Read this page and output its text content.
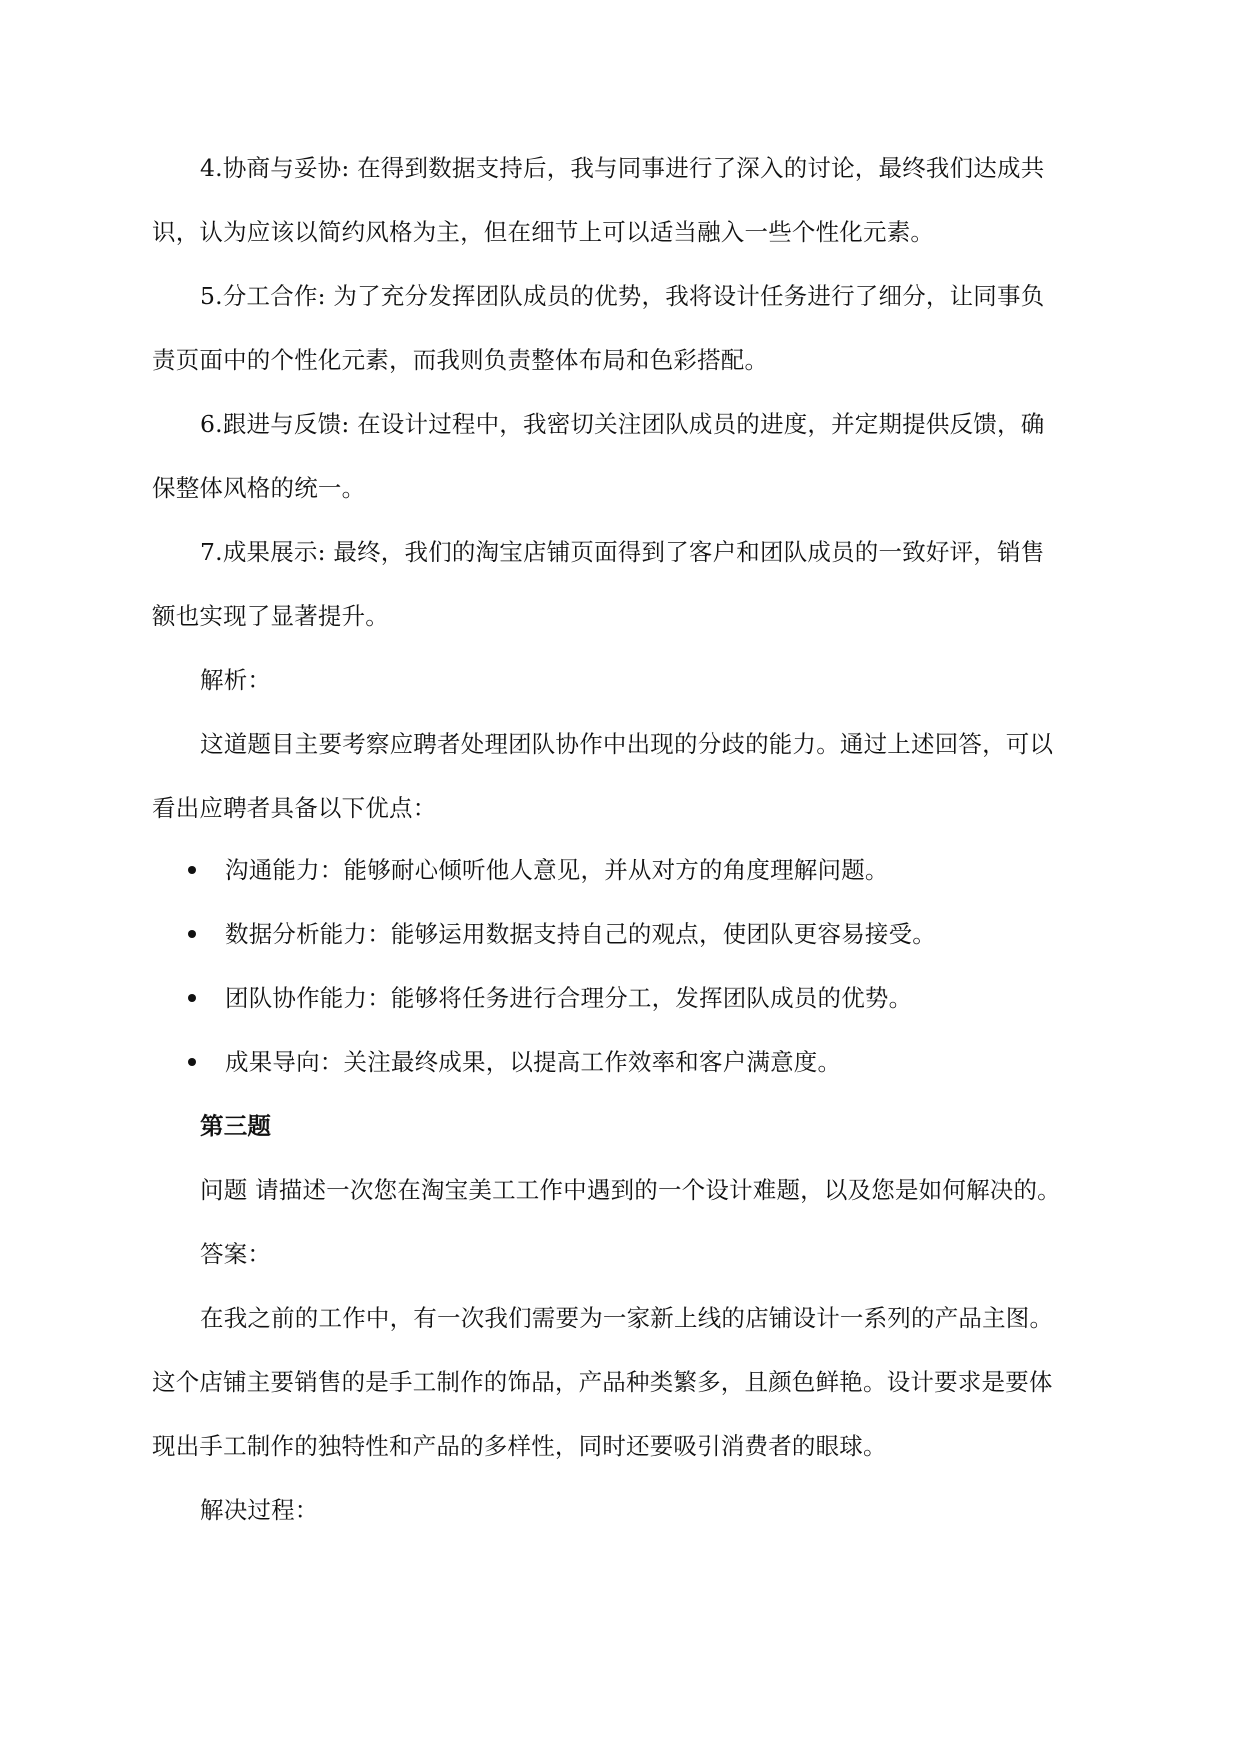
4.协商与妥协: 在得到数据支持后，我与同事进行了深入的讨论，最终我们达成共
识，认为应该以简约风格为主，但在细节上可以适当融入一些个性化元素。
5.分工合作: 为了充分发挥团队成员的优势，我将设计任务进行了细分，让同事负
责页面中的个性化元素，而我则负责整体布局和色彩搭配。
6.跟进与反馈: 在设计过程中，我密切关注团队成员的进度，并定期提供反馈，确
保整体风格的统一。
7.成果展示: 最终，我们的淘宝店铺页面得到了客户和团队成员的一致好评，销售
额也实现了显著提升。
解析：
这道题目主要考察应聘者处理团队协作中出现的分歧的能力。通过上述回答，可以
看出应聘者具备以下优点：
沟通能力：能够耐心倾听他人意见，并从对方的角度理解问题。
数据分析能力：能够运用数据支持自己的观点，使团队更容易接受。
团队协作能力：能够将任务进行合理分工，发挥团队成员的优势。
成果导向：关注最终成果，以提高工作效率和客户满意度。
第三题
问题 请描述一次您在淘宝美工工作中遇到的一个设计难题，以及您是如何解决的。
答案：
在我之前的工作中，有一次我们需要为一家新上线的店铺设计一系列的产品主图。
这个店铺主要销售的是手工制作的饰品，产品种类繁多，且颜色鲜艳。设计要求是要体
现出手工制作的独特性和产品的多样性，同时还要吸引消费者的眼球。
解决过程：
